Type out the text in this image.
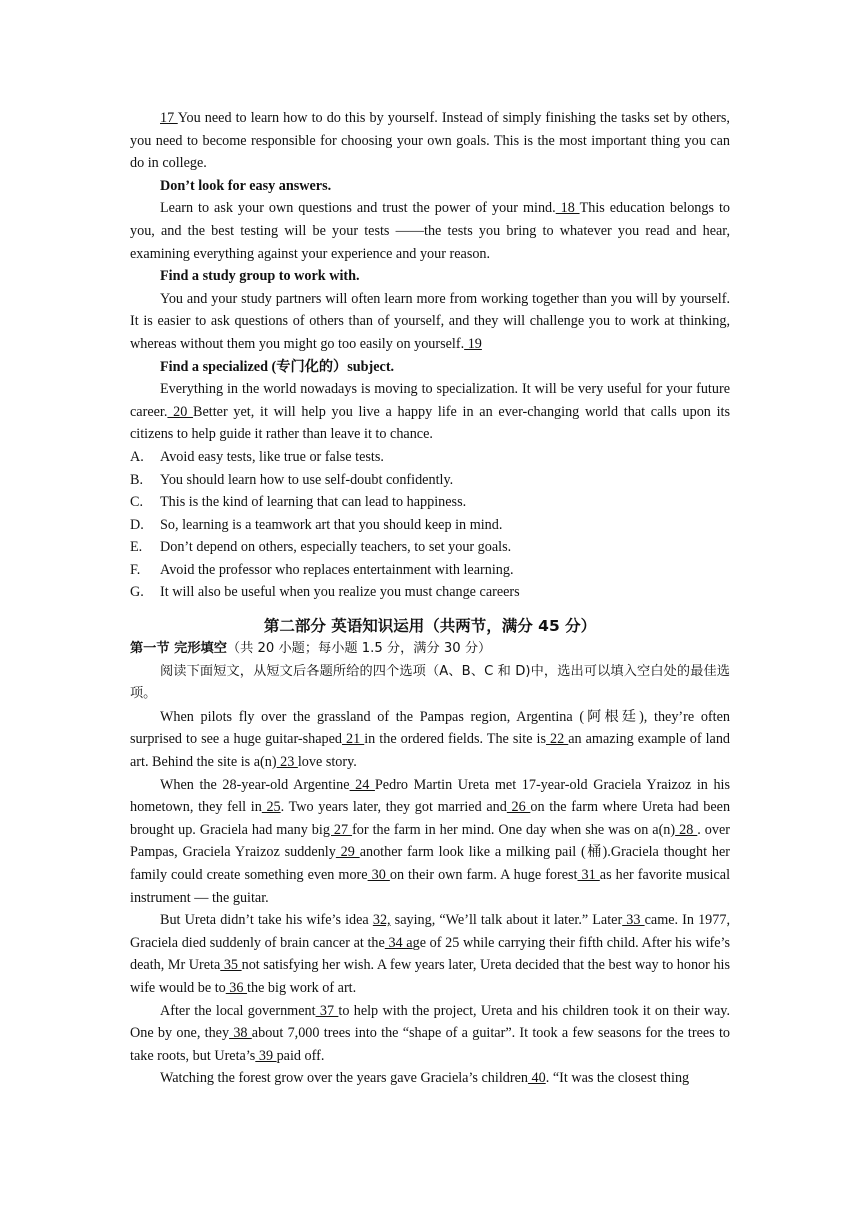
17 You need to learn how to do this by yourself. Instead of simply finishing the tasks set by others, you need to become responsible for choosing your own goals. This is the most important thing you can do in college.

Don’t look for easy answers.

Learn to ask your own questions and trust the power of your mind. 18 This education belongs to you, and the best testing will be your tests ——the tests you bring to whatever you read and hear, examining everything against your experience and your reason.

Find a study group to work with.

You and your study partners will often learn more from working together than you will by yourself. It is easier to ask questions of others than of yourself, and they will challenge you to work at thinking, whereas without them you might go too easily on yourself. 19

Find a specialized (专门化的）subject.

Everything in the world nowadays is moving to specialization. It will be very useful for your future career. 20 Better yet, it will help you live a happy life in an ever-changing world that calls upon its citizens to help guide it rather than leave it to chance.

A.	Avoid easy tests, like true or false tests.
B.	You should learn how to use self-doubt confidently.
C.	This is the kind of learning that can lead to happiness.
D.	So, learning is a teamwork art that you should keep in mind.
E.	Don’t depend on others, especially teachers, to set your goals.
F.	Avoid the professor who replaces entertainment with learning.
G.	It will also be useful when you realize you must change careers

第二部分 英语知识运用（共两节，满分 45 分）

第一节 完形填空（共 20 小题；每小题 1.5 分，满分 30 分）

阅读下面短文，从短文后各题所给的四个选项（A、B、C 和 D)中，选出可以填入空白处的最佳选项。

When pilots fly over the grassland of the Pampas region, Argentina (阿根廷), they’re often surprised to see a huge guitar-shaped 21 in the ordered fields. The site is 22 an amazing example of land art. Behind the site is a(n) 23 love story.

When the 28-year-old Argentine 24 Pedro Martin Ureta met 17-year-old Graciela Yraizoz in his hometown, they fell in 25. Two years later, they got married and 26 on the farm where Ureta had been brought up. Graciela had many big 27 for the farm in her mind. One day when she was on a(n) 28 . over Pampas, Graciela Yraizoz suddenly 29 another farm look like a milking pail (桶).Graciela thought her family could create something even more 30 on their own farm. A huge forest 31 as her favorite musical instrument — the guitar.

But Ureta didn’t take his wife’s idea 32, saying, “We’ll talk about it later.” Later 33 came. In 1977, Graciela died suddenly of brain cancer at the 34 age of 25 while carrying their fifth child. After his wife’s death, Mr Ureta 35 not satisfying her wish. A few years later, Ureta decided that the best way to honor his wife would be to 36 the big work of art.

After the local government 37 to help with the project, Ureta and his children took it on their way. One by one, they 38 about 7,000 trees into the “shape of a guitar”. It took a few seasons for the trees to take roots, but Ureta’s 39 paid off.

Watching the forest grow over the years gave Graciela’s children 40. “It was the closest thing
